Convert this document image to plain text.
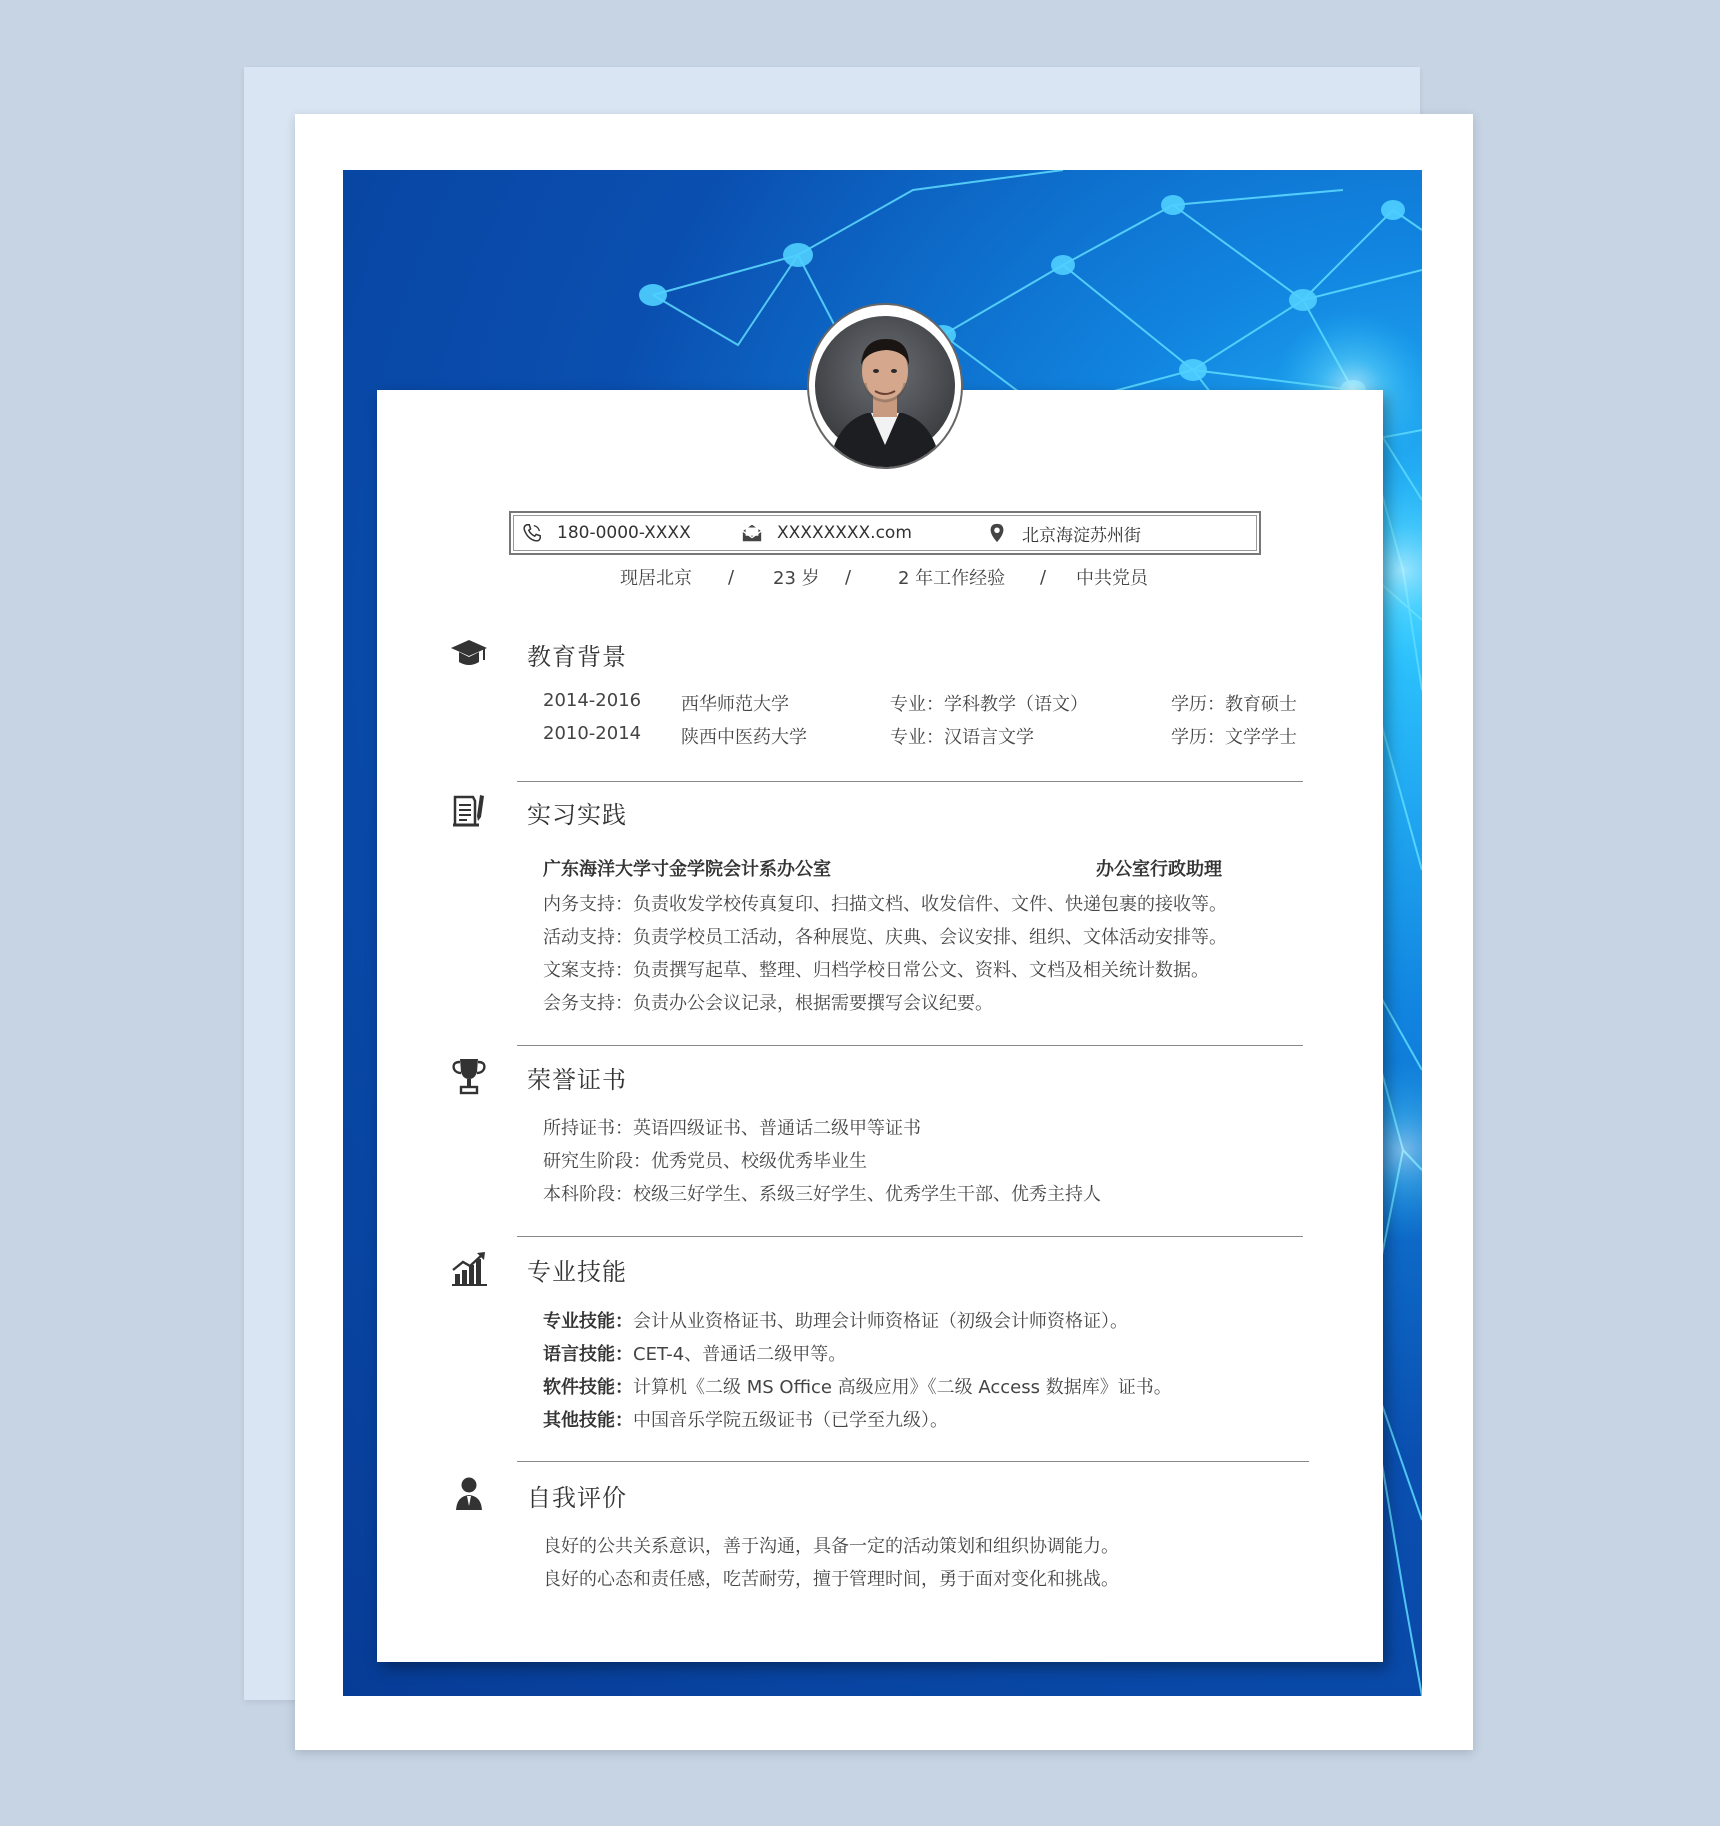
180-0000-XXXX	XXXXXXXX.com	北京海淀苏州街
现居北京 / 23 岁 /	2 年工作经验 / 中共党员
教育背景
2014-2016 西华师范大学	专业：学科教学（语文）	学历：教育硕士
2010-2014 陕西中医药大学	专业：汉语言文学	学历：文学学士
实习实践
广东海洋大学寸金学院会计系办公室	办公室行政助理
内务支持：负责收发学校传真复印、扫描文档、收发信件、文件、快递包裹的接收等。
活动支持：负责学校员工活动，各种展览、庆典、会议安排、组织、文体活动安排等。
文案支持：负责撰写起草、整理、归档学校日常公文、资料、文档及相关统计数据。
会务支持：负责办公会议记录，根据需要撰写会议纪要。
荣誉证书
所持证书：英语四级证书、普通话二级甲等证书
研究生阶段：优秀党员、校级优秀毕业生
本科阶段：校级三好学生、系级三好学生、优秀学生干部、优秀主持人
专业技能
专业技能：会计从业资格证书、助理会计师资格证（初级会计师资格证）。
语言技能：CET-4、普通话二级甲等。
软件技能：计算机《二级 MS Office 高级应用》《二级 Access 数据库》证书。
其他技能：中国音乐学院五级证书（已学至九级）。
自我评价
良好的公共关系意识，善于沟通，具备一定的活动策划和组织协调能力。
良好的心态和责任感，吃苦耐劳，擅于管理时间，勇于面对变化和挑战。
